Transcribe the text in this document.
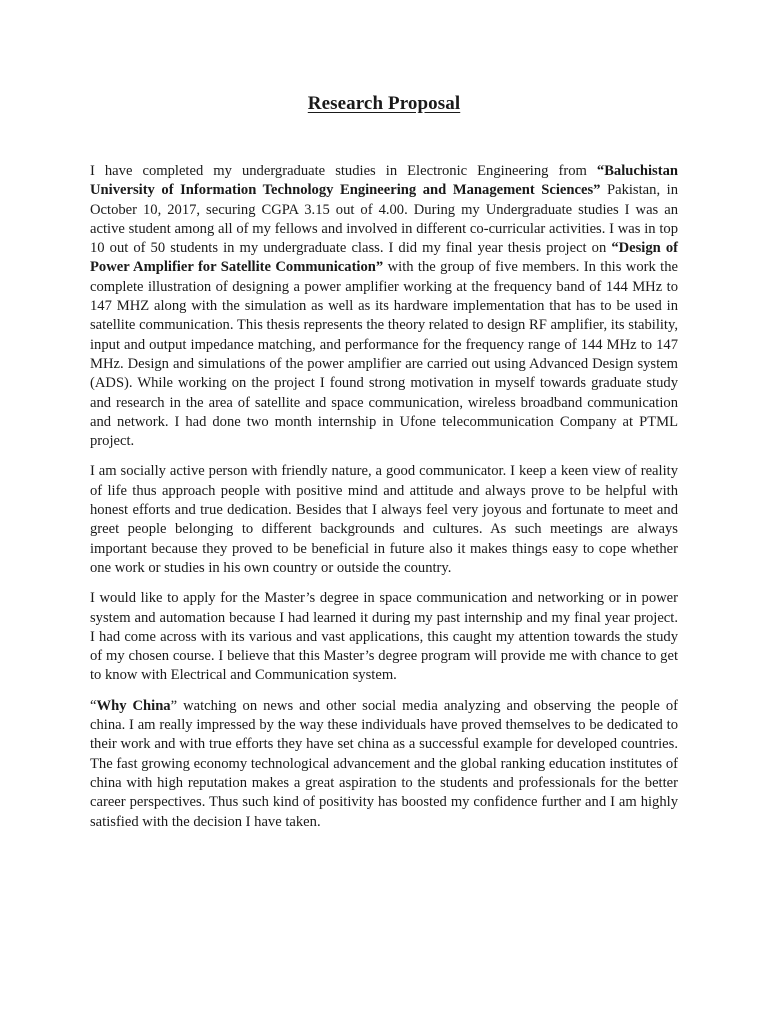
Research Proposal

I have completed my undergraduate studies in Electronic Engineering from “Baluchistan University of Information Technology Engineering and Management Sciences” Pakistan, in October 10, 2017, securing CGPA 3.15 out of 4.00. During my Undergraduate studies I was an active student among all of my fellows and involved in different co-curricular activities. I was in top 10 out of 50 students in my undergraduate class. I did my final year thesis project on “Design of Power Amplifier for Satellite Communication” with the group of five members. In this work the complete illustration of designing a power amplifier working at the frequency band of 144 MHz to 147 MHZ along with the simulation as well as its hardware implementation that has to be used in satellite communication. This thesis represents the theory related to design RF amplifier, its stability, input and output impedance matching, and performance for the frequency range of 144 MHz to 147 MHz. Design and simulations of the power amplifier are carried out using Advanced Design system (ADS). While working on the project I found strong motivation in myself towards graduate study and research in the area of satellite and space communication, wireless broadband communication and network. I had done two month internship in Ufone telecommunication Company at PTML project.

I am socially active person with friendly nature, a good communicator. I keep a keen view of reality of life thus approach people with positive mind and attitude and always prove to be helpful with honest efforts and true dedication. Besides that I always feel very joyous and fortunate to meet and greet people belonging to different backgrounds and cultures. As such meetings are always important because they proved to be beneficial in future also it makes things easy to cope whether one work or studies in his own country or outside the country.

I would like to apply for the Master’s degree in space communication and networking or in power system and automation because I had learned it during my past internship and my final year project. I had come across with its various and vast applications, this caught my attention towards the study of my chosen course. I believe that this Master’s degree program will provide me with chance to get to know with Electrical and Communication system.

“Why China” watching on news and other social media analyzing and observing the people of china. I am really impressed by the way these individuals have proved themselves to be dedicated to their work and with true efforts they have set china as a successful example for developed countries. The fast growing economy technological advancement and the global ranking education institutes of china with high reputation makes a great aspiration to the students and professionals for the better career perspectives. Thus such kind of positivity has boosted my confidence further and I am highly satisfied with the decision I have taken.
